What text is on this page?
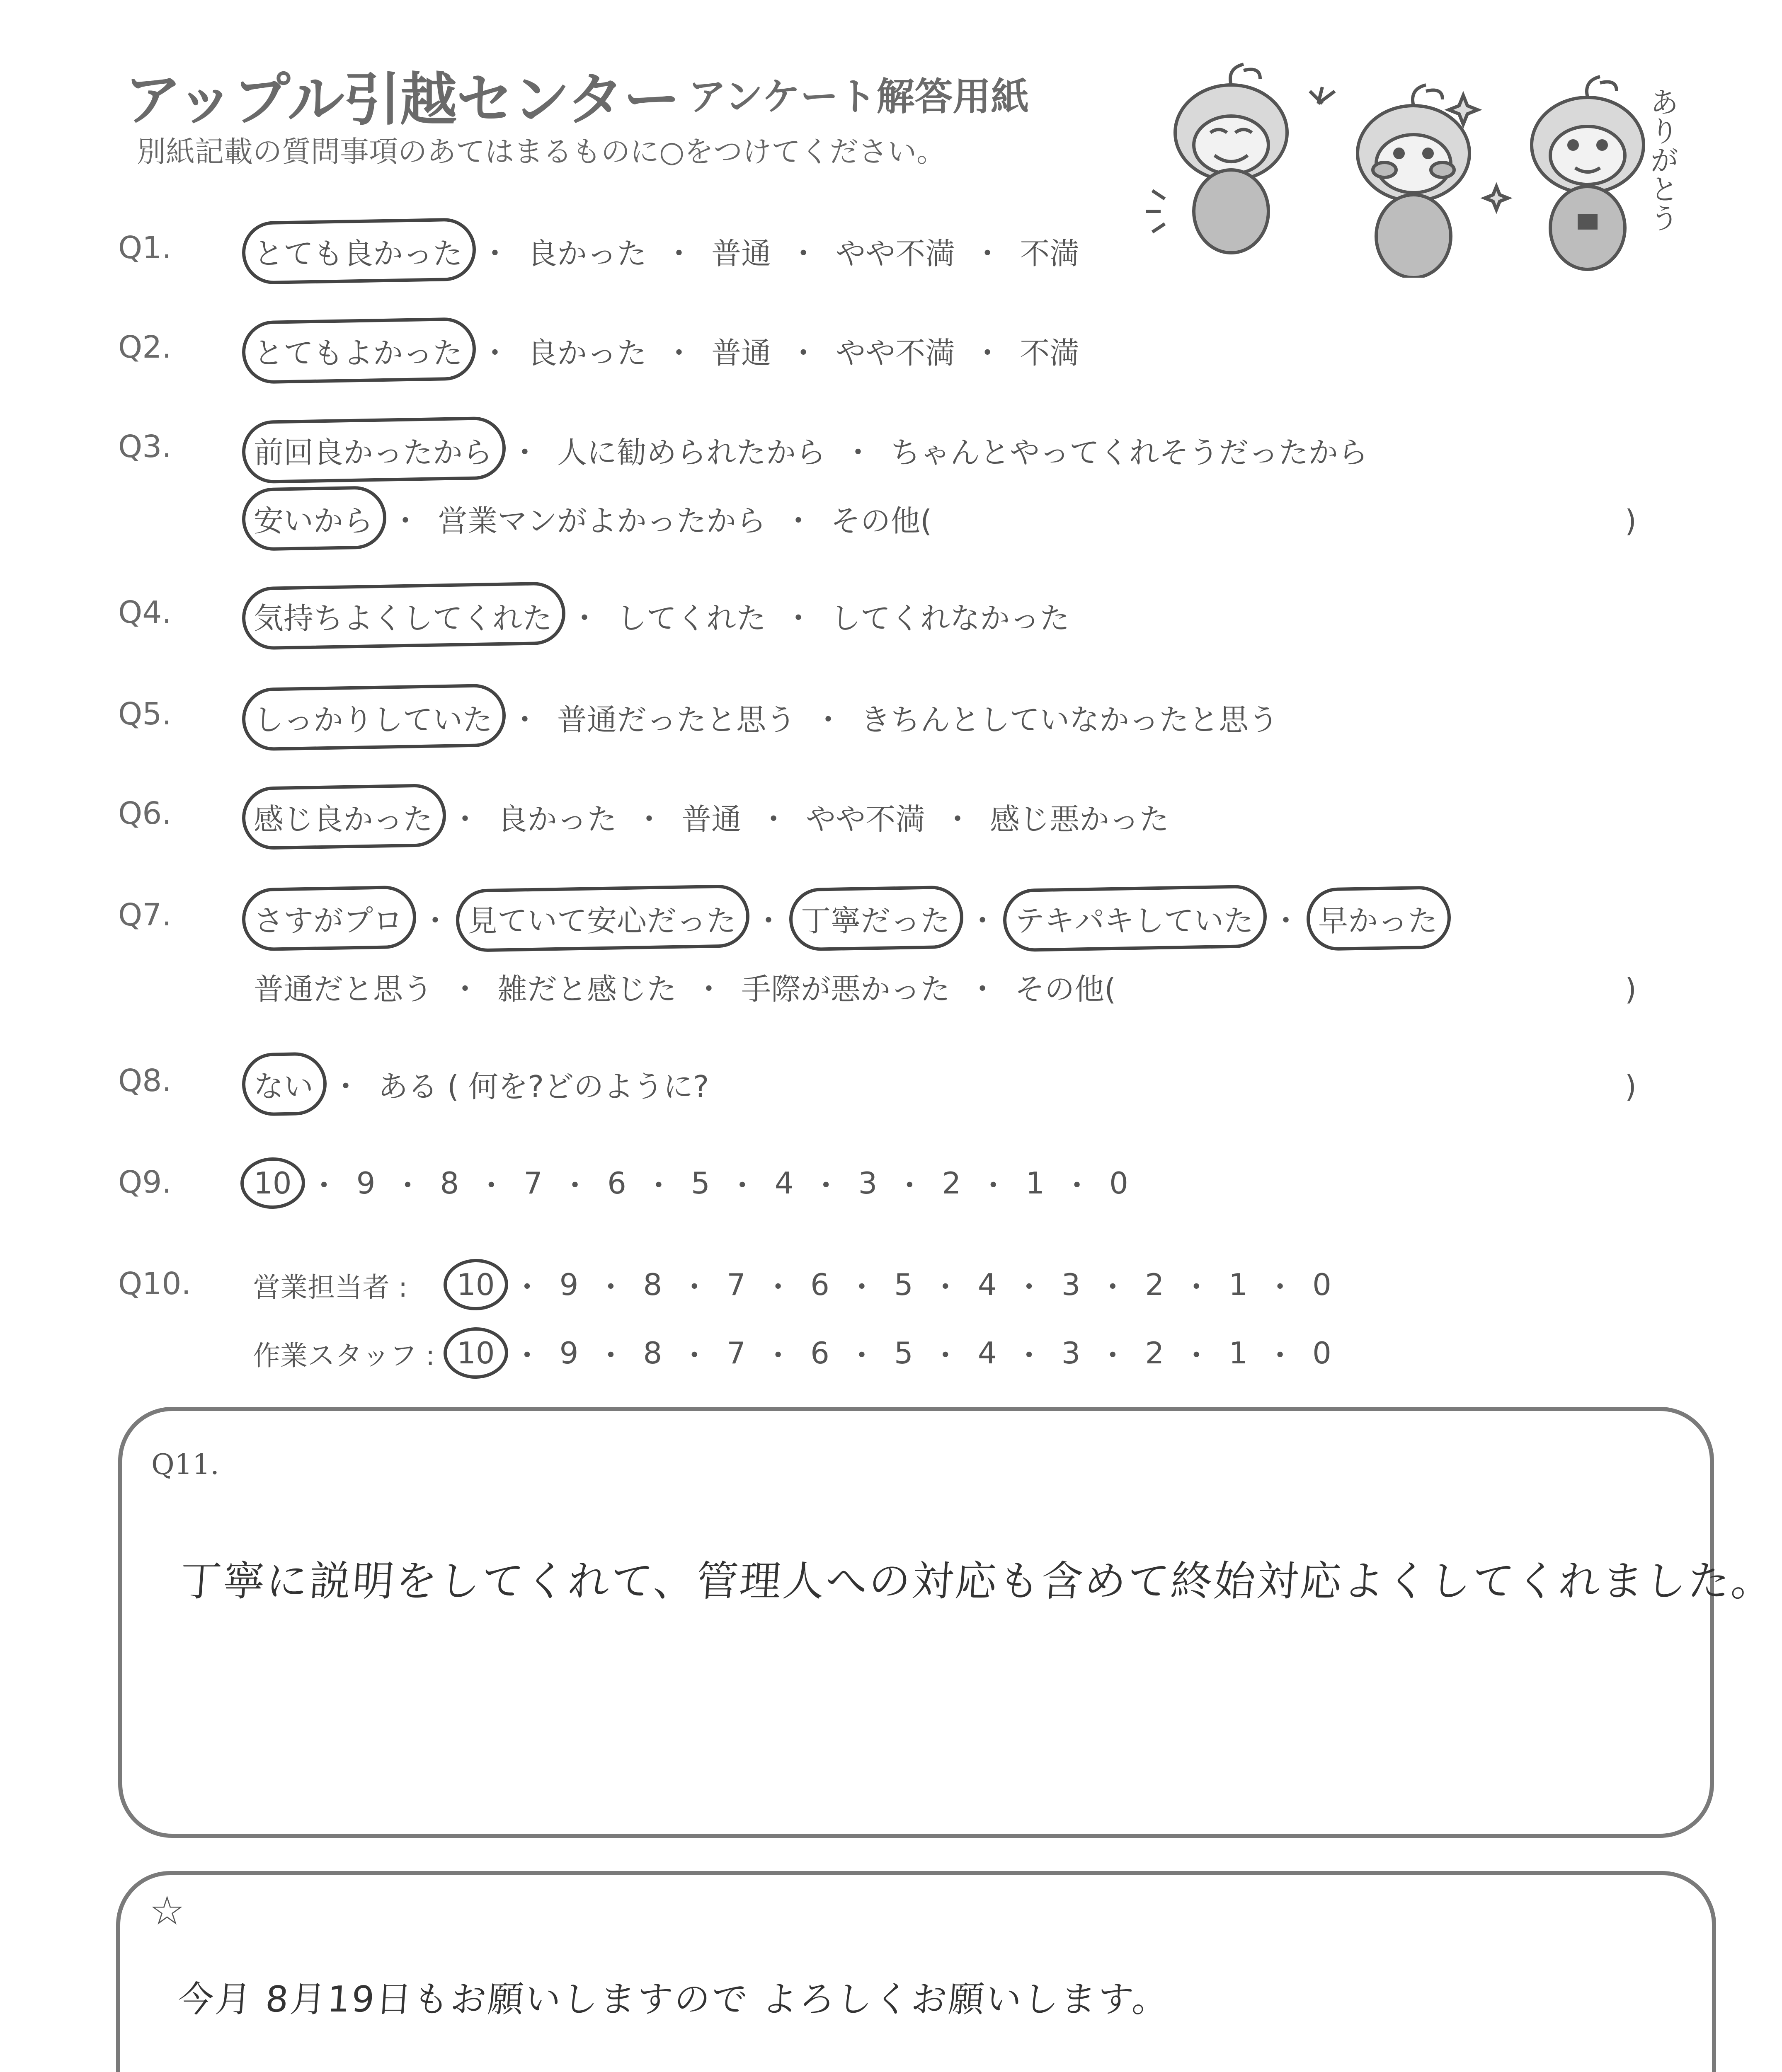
アップル引越センター アンケート解答用紙
別紙記載の質問事項のあてはまるものに○をつけてください。	ありがとう
Q1.	とても良かった ・ 良かった ・ 普通 ・ やや不満 ・ 不満
Q2.	とてもよかった ・ 良かった ・ 普通 ・ やや不満 ・ 不満
Q3.	前回良かったから ・ 人に勧められたから ・ ちゃんとやってくれそうだったから
安いから ・ 営業マンがよかったから ・ その他(	)
Q4.	気持ちよくしてくれた ・ してくれた ・ してくれなかった
Q5.	しっかりしていた ・ 普通だったと思う ・ きちんとしていなかったと思う
Q6.	感じ良かった ・ 良かった ・ 普通 ・ やや不満 ・ 感じ悪かった
Q7.	さすがプロ ・ 見ていて安心だった ・ 丁寧だった ・ テキパキしていた ・ 早かった
普通だと思う ・ 雑だと感じた ・ 手際が悪かった ・ その他(	)
Q8.	ない ・ ある ( 何を?どのように?	)
Q9.	10 ・ 9 ・ 8 ・ 7 ・ 6 ・ 5 ・ 4 ・ 3 ・ 2 ・ 1 ・ 0
Q10. 営業担当者 :	10 ・ 9 ・ 8 ・ 7 ・ 6 ・ 5 ・ 4 ・ 3 ・ 2 ・ 1 ・ 0
作業スタッフ : 10 ・ 9 ・ 8 ・ 7 ・ 6 ・ 5 ・ 4 ・ 3 ・ 2 ・ 1 ・ 0
Q11.
丁寧に説明をしてくれて、管理人への対応も含めて終始対応よくしてくれました。
☆
今月 8月19日もお願いしますので よろしくお願いします。
